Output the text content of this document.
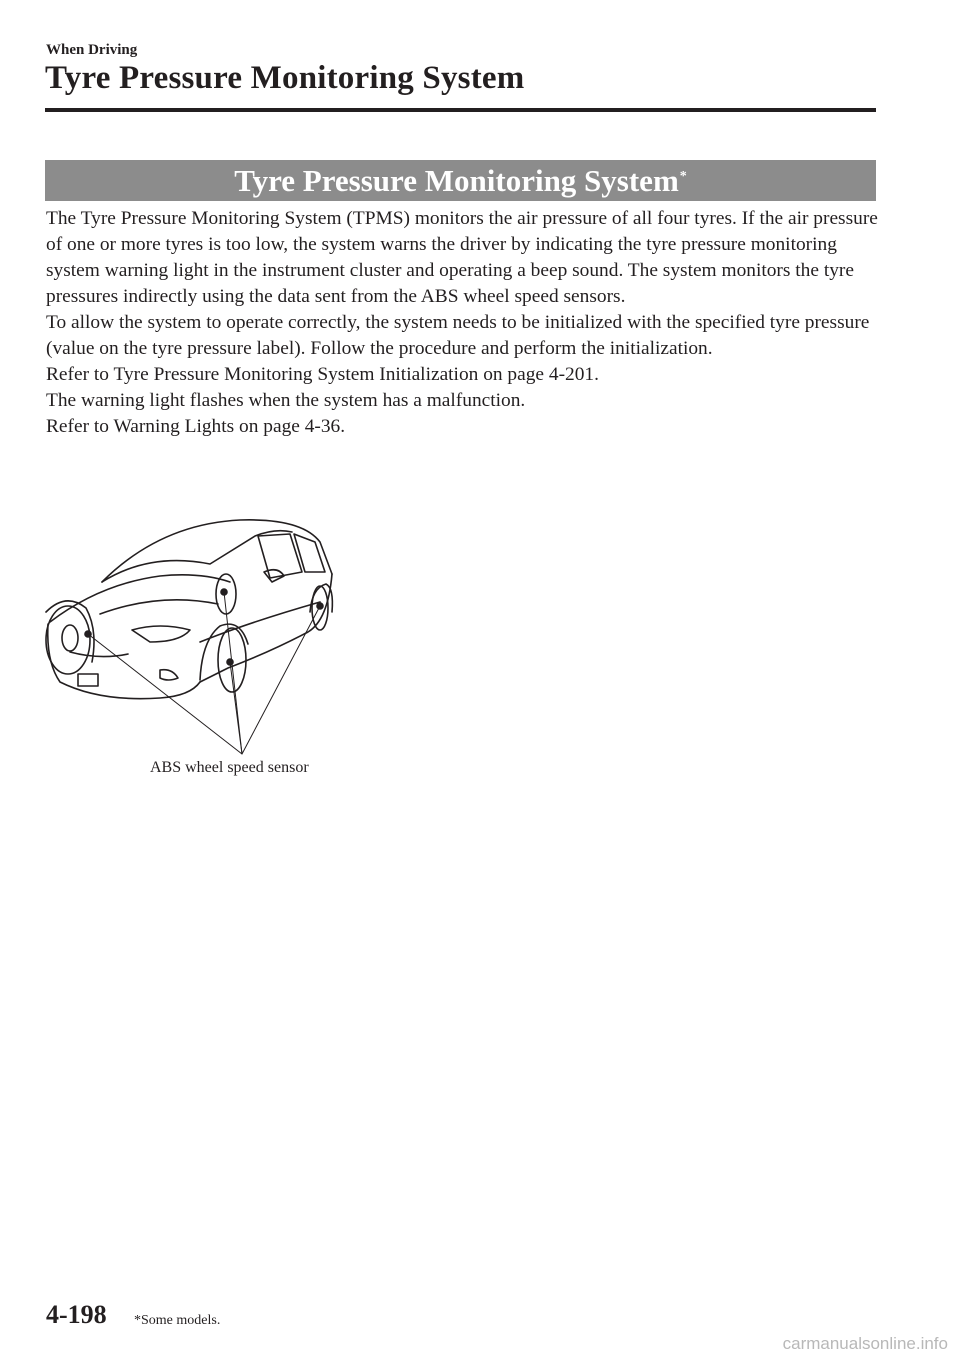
When Driving
Tyre Pressure Monitoring System
Tyre Pressure Monitoring System*

The Tyre Pressure Monitoring System (TPMS) monitors the air pressure of all four tyres. If the air pressure of one or more tyres is too low, the system warns the driver by indicating the tyre pressure monitoring system warning light in the instrument cluster and operating a beep sound. The system monitors the tyre pressures indirectly using the data sent from the ABS wheel speed sensors.

To allow the system to operate correctly, the system needs to be initialized with the specified tyre pressure (value on the tyre pressure label). Follow the procedure and perform the initialization.

Refer to Tyre Pressure Monitoring System Initialization on page 4-201.

The warning light flashes when the system has a malfunction.

Refer to Warning Lights on page 4-36.

ABS wheel speed sensor
4-198 *Some models.
carmanualsonline.info
